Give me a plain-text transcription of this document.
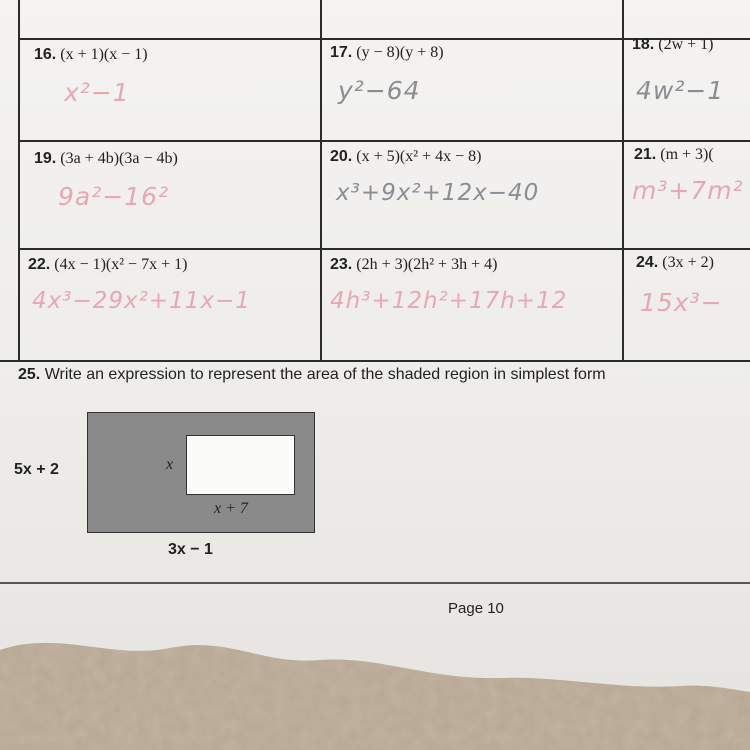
16. (x + 1)(x − 1)
x²−1
17. (y − 8)(y + 8)
y²−64
18. (2w + 1)
4w²−1
19. (3a + 4b)(3a − 4b)
9a²−16²
20. (x + 5)(x² + 4x − 8)
x³+9x²+12x−40
21. (m + 3)(
m³+7m²
22. (4x − 1)(x² − 7x + 1)
4x³−29x²+11x−1
23. (2h + 3)(2h² + 3h + 4)
4h³+12h²+17h+12
24. (3x + 2)
15x³−
25. Write an expression to represent the area of the shaded region in simplest form
5x + 2
3x − 1
x
x + 7
Page 10
